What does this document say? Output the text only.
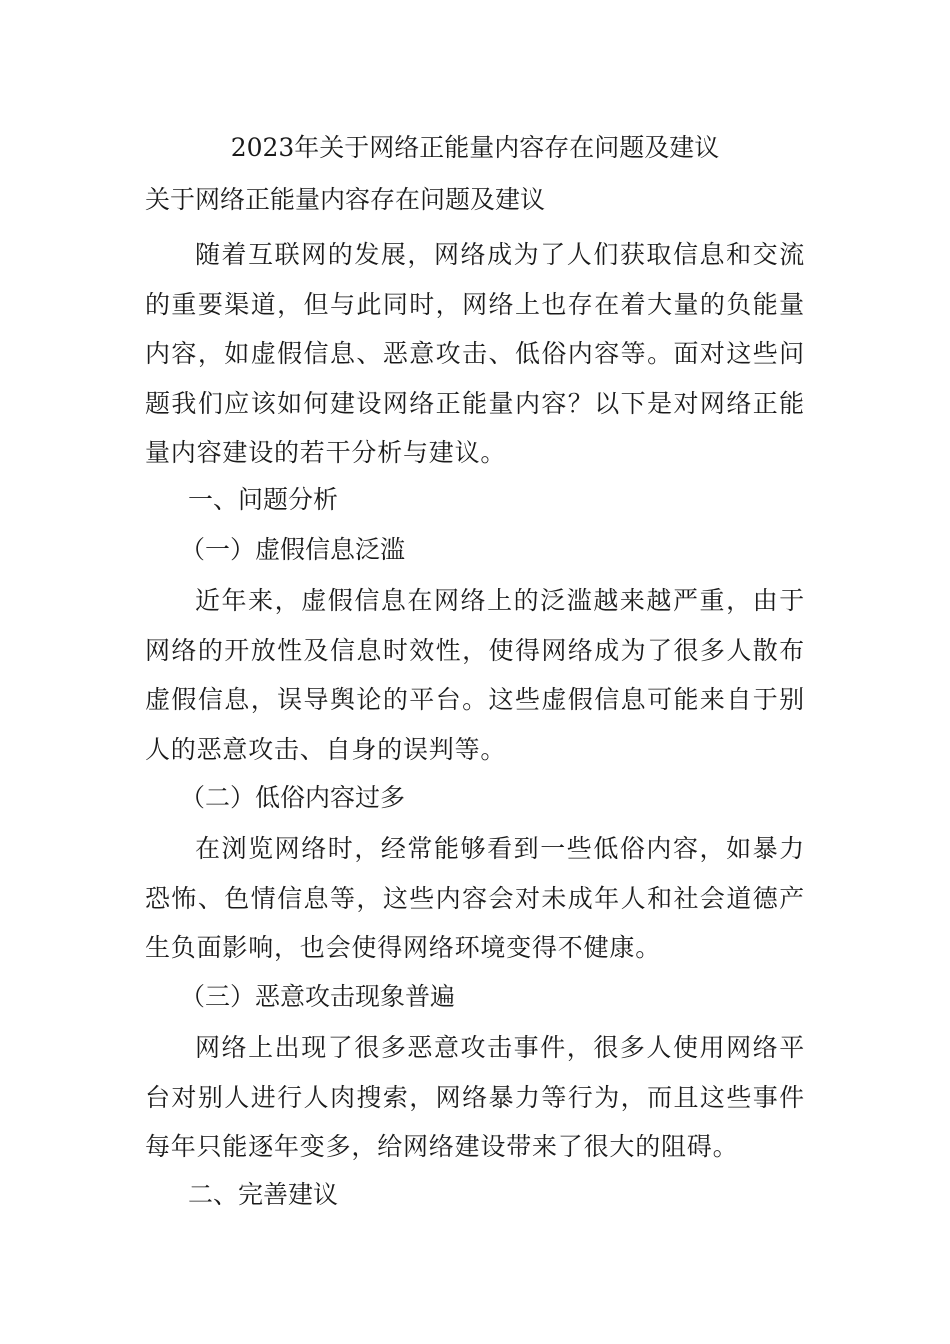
2023年关于网络正能量内容存在问题及建议
关于网络正能量内容存在问题及建议
随着互联网的发展，网络成为了人们获取信息和交流的重要渠道，但与此同时，网络上也存在着大量的负能量内容，如虚假信息、恶意攻击、低俗内容等。面对这些问题我们应该如何建设网络正能量内容？以下是对网络正能量内容建设的若干分析与建议。
一、问题分析
（一）虚假信息泛滥
近年来，虚假信息在网络上的泛滥越来越严重，由于网络的开放性及信息时效性，使得网络成为了很多人散布虚假信息，误导舆论的平台。这些虚假信息可能来自于别人的恶意攻击、自身的误判等。
（二）低俗内容过多
在浏览网络时，经常能够看到一些低俗内容，如暴力恐怖、色情信息等，这些内容会对未成年人和社会道德产生负面影响，也会使得网络环境变得不健康。
（三）恶意攻击现象普遍
网络上出现了很多恶意攻击事件，很多人使用网络平台对别人进行人肉搜索，网络暴力等行为，而且这些事件每年只能逐年变多，给网络建设带来了很大的阻碍。
二、完善建议
